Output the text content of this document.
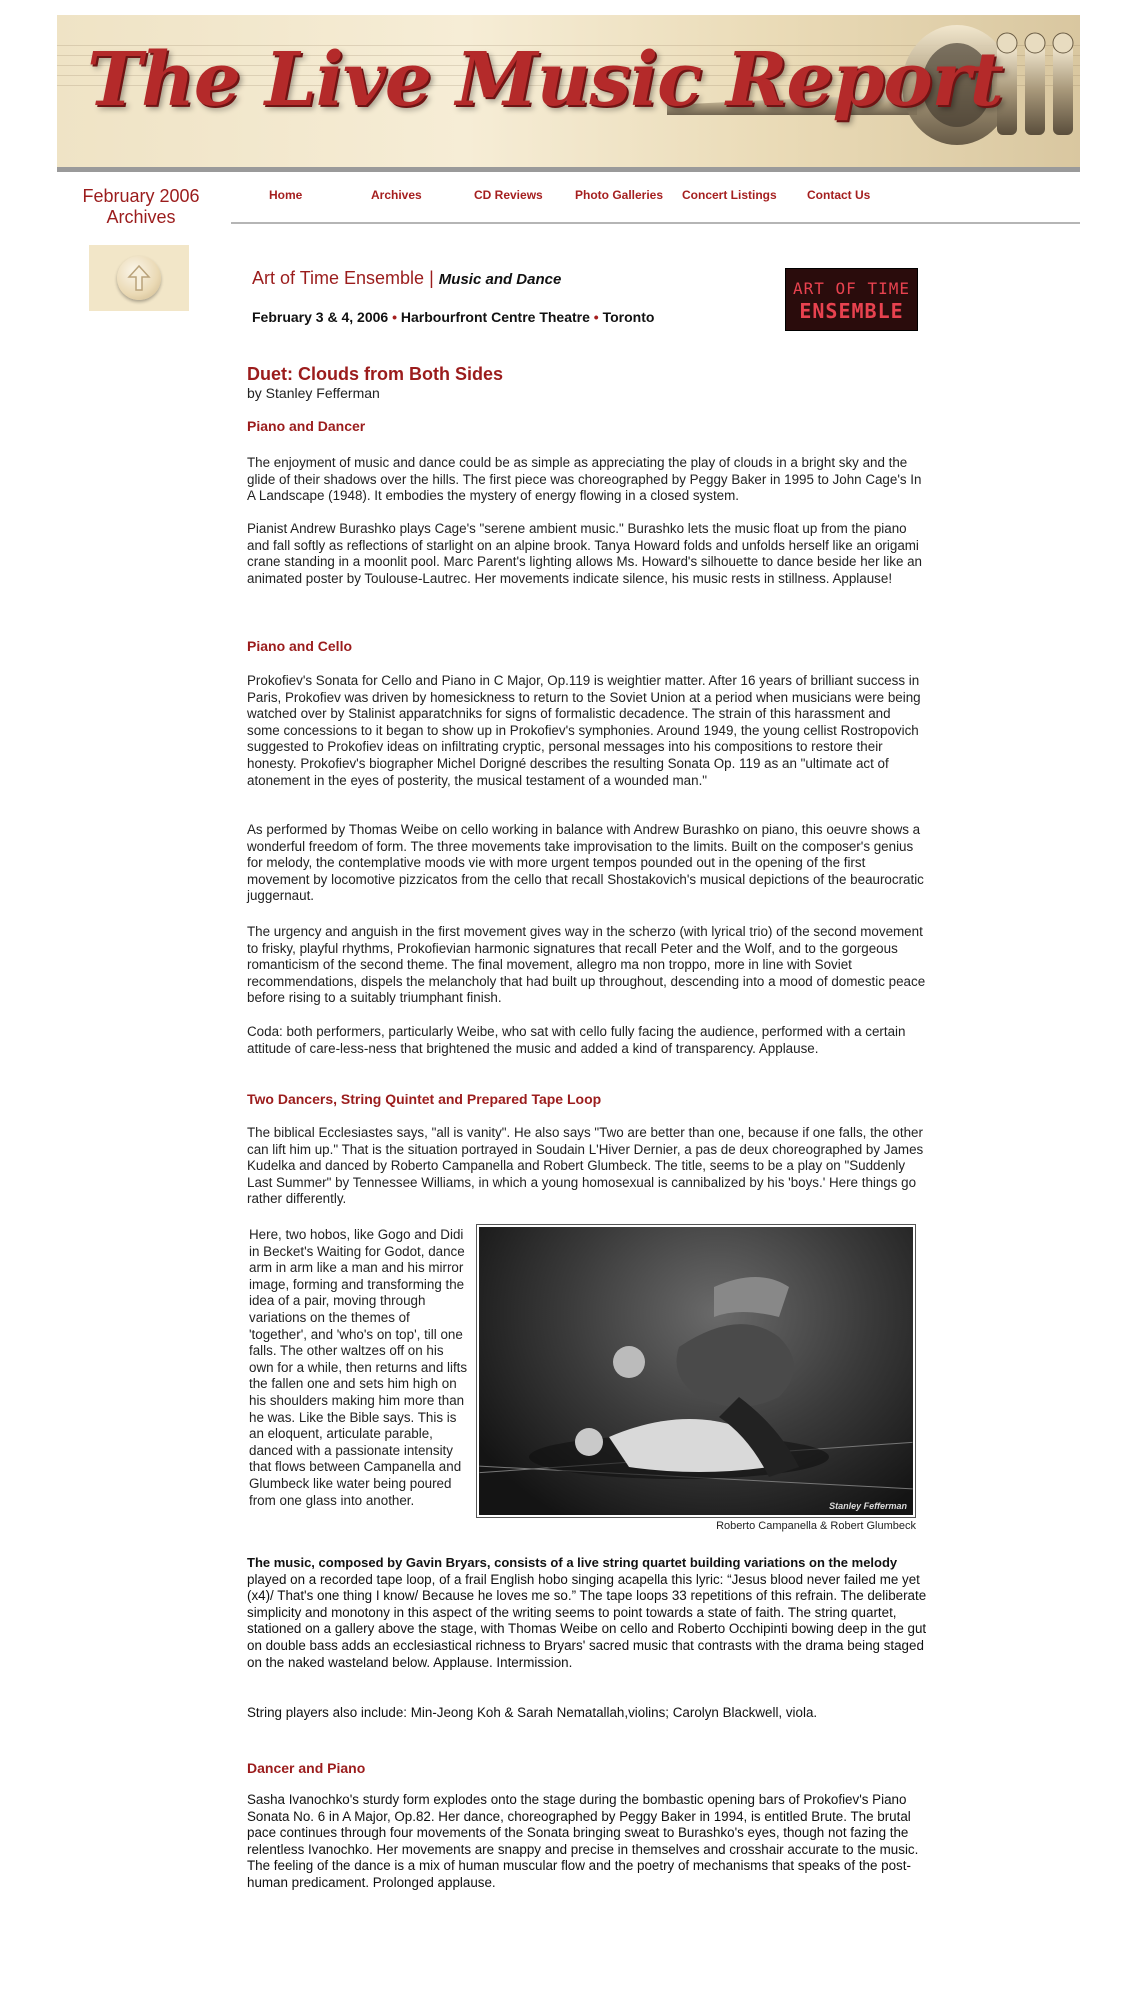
The Live Music Report
February 2006
Archives
Home	Archives	CD Reviews	Photo Galleries Concert Listings	Contact Us
Art of Time Ensemble | Music and Dance
February 3 & 4, 2006 • Harbourfront Centre Theatre • Toronto
ART OF TIME
ENSEMBLE
Duet: Clouds from Both Sides
by Stanley Fefferman
Piano and Dancer
The enjoyment of music and dance could be as simple as appreciating the play of clouds in a bright sky and the glide of their shadows over the hills. The first piece was choreographed by Peggy Baker in 1995 to John Cage's In A Landscape (1948). It embodies the mystery of energy flowing in a closed system.
Pianist Andrew Burashko plays Cage's "serene ambient music." Burashko lets the music float up from the piano and fall softly as reflections of starlight on an alpine brook. Tanya Howard folds and unfolds herself like an origami crane standing in a moonlit pool. Marc Parent's lighting allows Ms. Howard's silhouette to dance beside her like an animated poster by Toulouse-Lautrec. Her movements indicate silence, his music rests in stillness. Applause!
Piano and Cello
Prokofiev's Sonata for Cello and Piano in C Major, Op.119 is weightier matter. After 16 years of brilliant success in Paris, Prokofiev was driven by homesickness to return to the Soviet Union at a period when musicians were being watched over by Stalinist apparatchniks for signs of formalistic decadence. The strain of this harassment and some concessions to it began to show up in Prokofiev's symphonies. Around 1949, the young cellist Rostropovich suggested to Prokofiev ideas on infiltrating cryptic, personal messages into his compositions to restore their honesty. Prokofiev's biographer Michel Dorigné describes the resulting Sonata Op. 119 as an "ultimate act of atonement in the eyes of posterity, the musical testament of a wounded man."
As performed by Thomas Weibe on cello working in balance with Andrew Burashko on piano, this oeuvre shows a wonderful freedom of form. The three movements take improvisation to the limits. Built on the composer's genius for melody, the contemplative moods vie with more urgent tempos pounded out in the opening of the first movement by locomotive pizzicatos from the cello that recall Shostakovich's musical depictions of the beaurocratic juggernaut.
The urgency and anguish in the first movement gives way in the scherzo (with lyrical trio) of the second movement to frisky, playful rhythms, Prokofievian harmonic signatures that recall Peter and the Wolf, and to the gorgeous romanticism of the second theme. The final movement, allegro ma non troppo, more in line with Soviet recommendations, dispels the melancholy that had built up throughout, descending into a mood of domestic peace before rising to a suitably triumphant finish.
Coda: both performers, particularly Weibe, who sat with cello fully facing the audience, performed with a certain attitude of care-less-ness that brightened the music and added a kind of transparency. Applause.
Two Dancers, String Quintet and Prepared Tape Loop
The biblical Ecclesiastes says, "all is vanity". He also says "Two are better than one, because if one falls, the other can lift him up." That is the situation portrayed in Soudain L'Hiver Dernier, a pas de deux choreographed by James Kudelka and danced by Roberto Campanella and Robert Glumbeck. The title, seems to be a play on "Suddenly Last Summer" by Tennessee Williams, in which a young homosexual is cannibalized by his 'boys.' Here things go rather differently.
Here, two hobos, like Gogo and Didi in Becket's Waiting for Godot, dance arm in arm like a man and his mirror image, forming and transforming the idea of a pair, moving through variations on the themes of 'together', and 'who's on top', till one falls. The other waltzes off on his own for a while, then returns and lifts the fallen one and sets him high on his shoulders making him more than he was. Like the Bible says. This is an eloquent, articulate parable, danced with a passionate intensity that flows between Campanella and Glumbeck like water being poured from one glass into another.	Stanley Fefferman
Roberto Campanella & Robert Glumbeck
The music, composed by Gavin Bryars, consists of a live string quartet building variations on the melody played on a recorded tape loop, of a frail English hobo singing acapella this lyric: “Jesus blood never failed me yet (x4)/ That's one thing I know/ Because he loves me so.” The tape loops 33 repetitions of this refrain. The deliberate simplicity and monotony in this aspect of the writing seems to point towards a state of faith. The string quartet, stationed on a gallery above the stage, with Thomas Weibe on cello and Roberto Occhipinti bowing deep in the gut on double bass adds an ecclesiastical richness to Bryars' sacred music that contrasts with the drama being staged on the naked wasteland below. Applause. Intermission.
String players also include: Min-Jeong Koh & Sarah Nematallah,violins; Carolyn Blackwell, viola.
Dancer and Piano
Sasha Ivanochko's sturdy form explodes onto the stage during the bombastic opening bars of Prokofiev's Piano Sonata No. 6 in A Major, Op.82. Her dance, choreographed by Peggy Baker in 1994, is entitled Brute. The brutal pace continues through four movements of the Sonata bringing sweat to Burashko's eyes, though not fazing the relentless Ivanochko. Her movements are snappy and precise in themselves and crosshair accurate to the music. The feeling of the dance is a mix of human muscular flow and the poetry of mechanisms that speaks of the post-human predicament. Prolonged applause.
